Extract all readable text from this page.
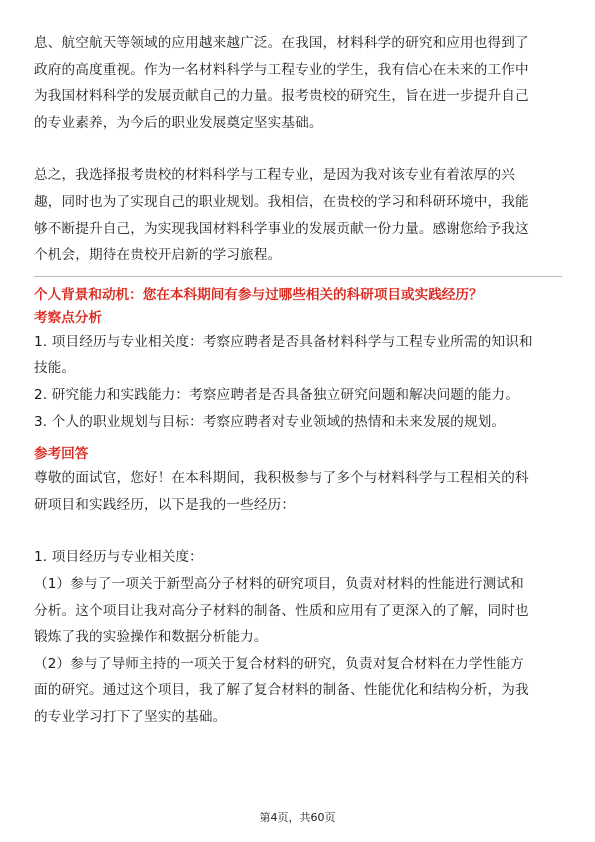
息、航空航天等领域的应用越来越广泛。在我国，材料科学的研究和应用也得到了

政府的高度重视。作为一名材料科学与工程专业的学生，我有信心在未来的工作中

为我国材料科学的发展贡献自己的力量。报考贵校的研究生，旨在进一步提升自己

的专业素养，为今后的职业发展奠定坚实基础。

总之，我选择报考贵校的材料科学与工程专业，是因为我对该专业有着浓厚的兴

趣，同时也为了实现自己的职业规划。我相信，在贵校的学习和科研环境中，我能

够不断提升自己，为实现我国材料科学事业的发展贡献一份力量。感谢您给予我这

个机会，期待在贵校开启新的学习旅程。

个人背景和动机：您在本科期间有参与过哪些相关的科研项目或实践经历？
考察点分析

1. 项目经历与专业相关度：考察应聘者是否具备材料科学与工程专业所需的知识和

技能。

2. 研究能力和实践能力：考察应聘者是否具备独立研究问题和解决问题的能力。

3. 个人的职业规划与目标：考察应聘者对专业领域的热情和未来发展的规划。

参考回答

尊敬的面试官，您好！在本科期间，我积极参与了多个与材料科学与工程相关的科

研项目和实践经历，以下是我的一些经历：

1. 项目经历与专业相关度：

（1）参与了一项关于新型高分子材料的研究项目，负责对材料的性能进行测试和

分析。这个项目让我对高分子材料的制备、性质和应用有了更深入的了解，同时也

锻炼了我的实验操作和数据分析能力。

（2）参与了导师主持的一项关于复合材料的研究，负责对复合材料在力学性能方

面的研究。通过这个项目，我了解了复合材料的制备、性能优化和结构分析，为我

的专业学习打下了坚实的基础。

第4页，共60页
